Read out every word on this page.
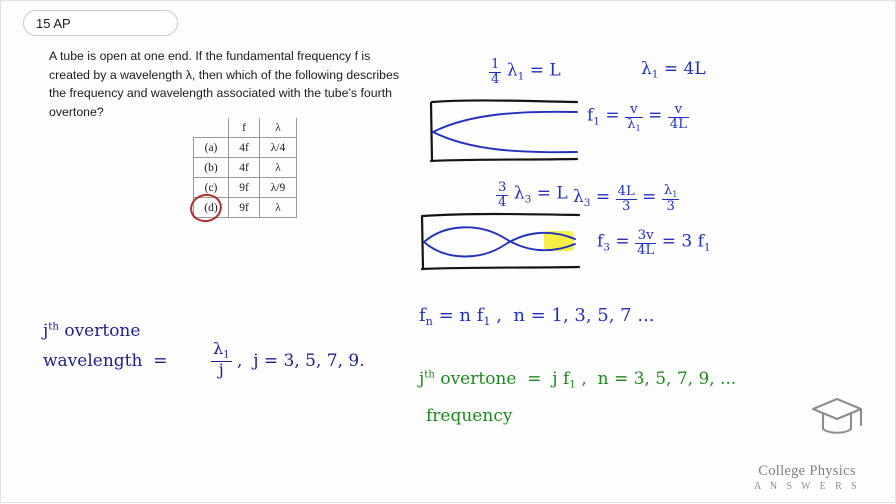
15 AP
A tube is open at one end. If the fundamental frequency f is created by a wavelength λ, then which of the following describes the frequency and wavelength associated with the tube’s fourth overtone?
	f	λ
(a)	4f	λ/4
(b)	4f	λ
(c)	9f	λ/9
(d)	9f	λ
$\frac{1}{4} \lambda_1 = L$	$\lambda_1 = 4L$
$f_1 = \frac{v}{\lambda_1} = \frac{v}{4L}$
$\frac{3}{4} \lambda_3 = L$ $\lambda_3 = \frac{4L}{3} = \frac{\lambda_1}{3}$
$f_3 = \frac{3v}{4L} = 3$ $f_1$
$f_n = n$ $f_1$ ,  n = 1, 3, 5, 7 ...
$j^{th}$ overtone
wavelength  =	$\frac{\lambda_1}{j}$ ,  j = 3, 5, 7, 9.
$j^{th}$ overtone  =  j $f_1$ ,  n = 3, 5, 7, 9, ...
frequency
College Physics
A N S W E R S
